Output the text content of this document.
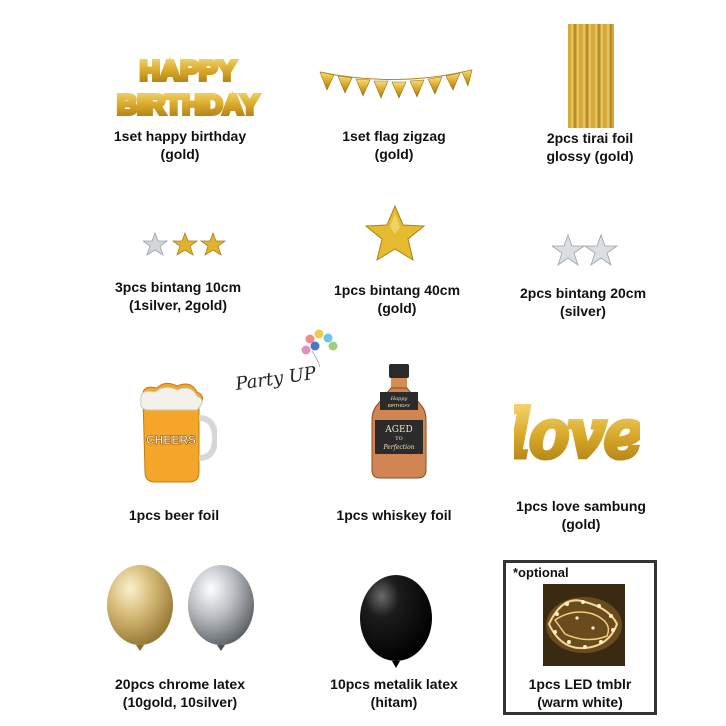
HAPPY
BIRTHDAY
1set happy birthday
(gold)
1set flag zigzag
(gold)
2pcs tirai foil
glossy (gold)
3pcs bintang 10cm
(1silver, 2gold)
1pcs bintang 40cm
(gold)
2pcs bintang 20cm
(silver)
Party UP
CHEERS
1pcs beer foil
Happy
BIRTHDAY
AGED
TO
Perfection
1pcs whiskey foil
love
1pcs love sambung
(gold)
20pcs chrome latex
(10gold, 10silver)
10pcs metalik latex
(hitam)
*optional
1pcs LED tmblr
(warm white)
